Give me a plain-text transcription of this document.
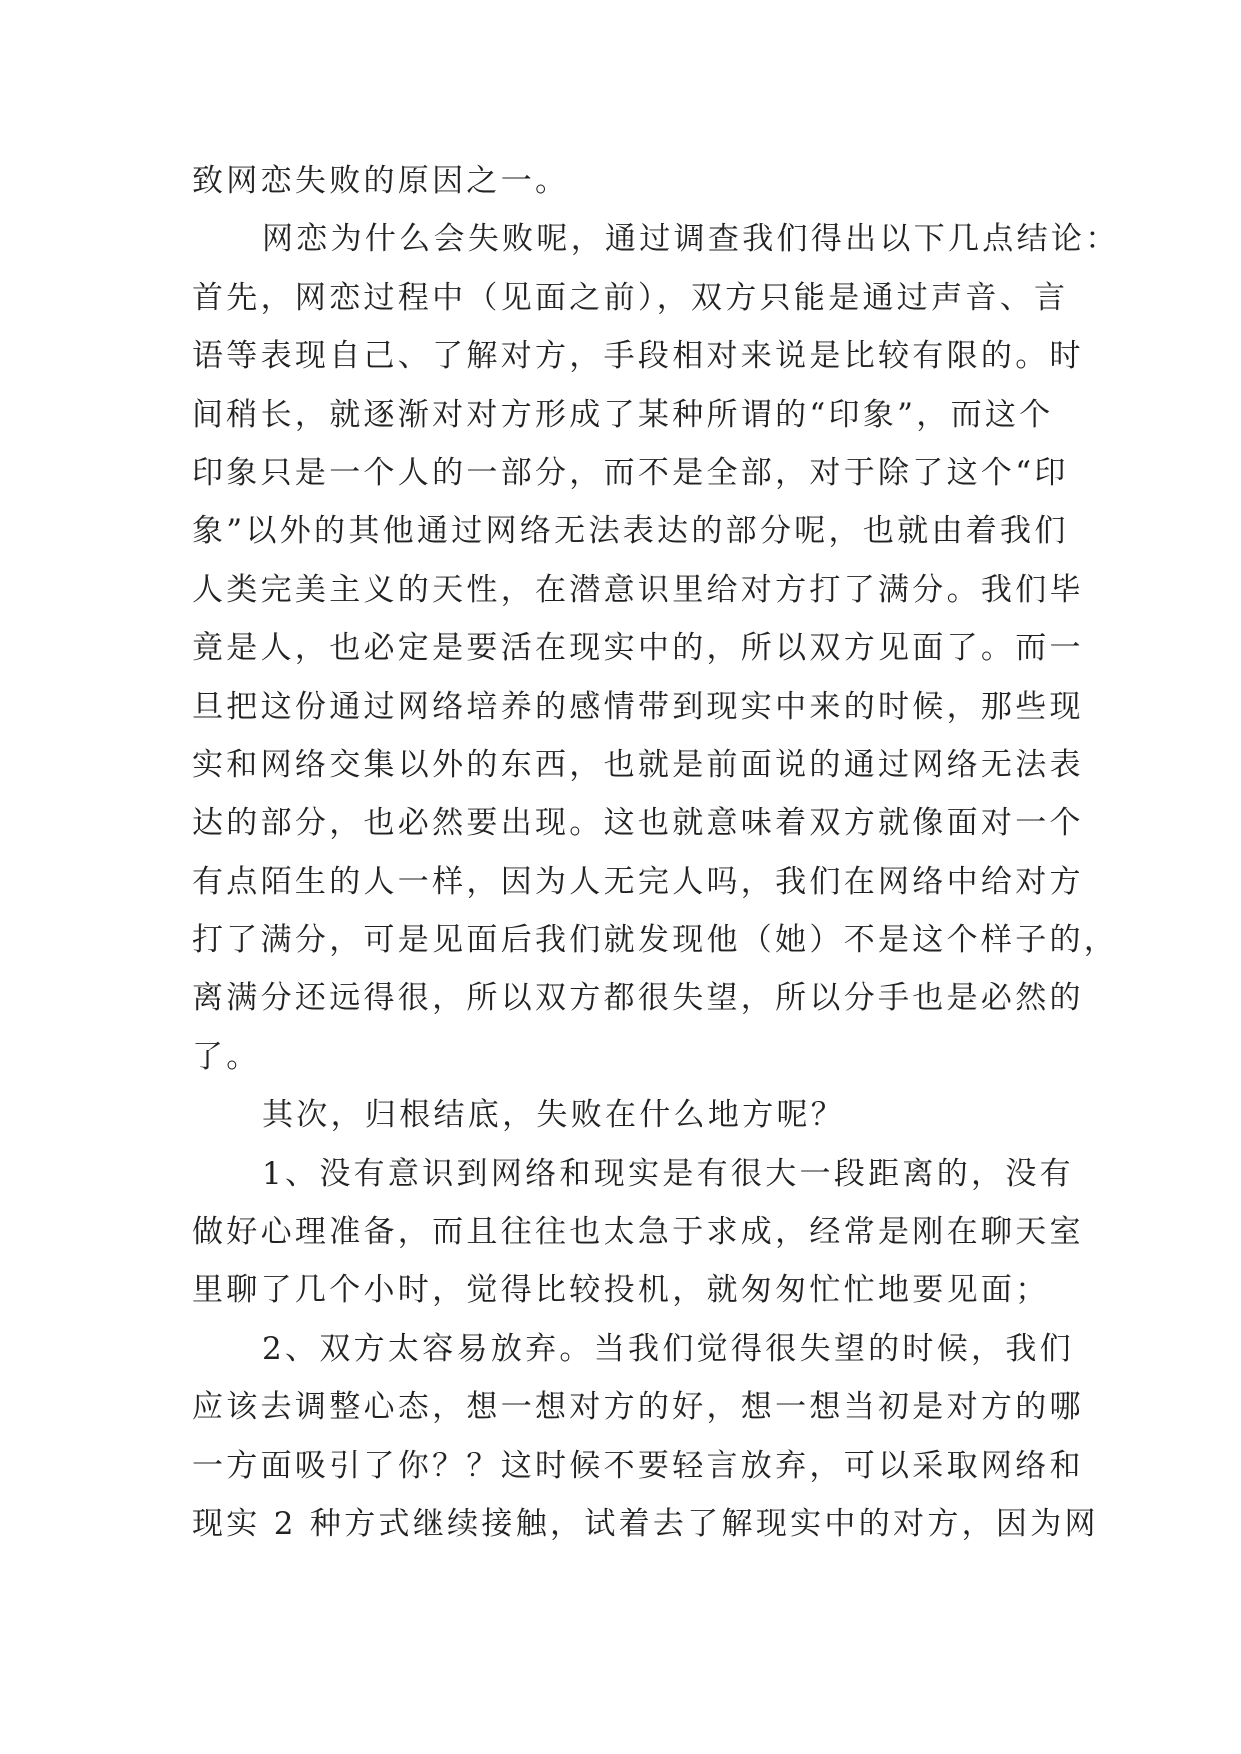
致网恋失败的原因之一。
网恋为什么会失败呢，通过调查我们得出以下几点结论：
首先，网恋过程中（见面之前），双方只能是通过声音、言
语等表现自己、了解对方，手段相对来说是比较有限的。时
间稍长，就逐渐对对方形成了某种所谓的“印象”，而这个
印象只是一个人的一部分，而不是全部，对于除了这个“印
象”以外的其他通过网络无法表达的部分呢，也就由着我们
人类完美主义的天性，在潜意识里给对方打了满分。我们毕
竟是人，也必定是要活在现实中的，所以双方见面了。而一
旦把这份通过网络培养的感情带到现实中来的时候，那些现
实和网络交集以外的东西，也就是前面说的通过网络无法表
达的部分，也必然要出现。这也就意味着双方就像面对一个
有点陌生的人一样，因为人无完人吗，我们在网络中给对方
打了满分，可是见面后我们就发现他（她）不是这个样子的，
离满分还远得很，所以双方都很失望，所以分手也是必然的
了。
其次，归根结底，失败在什么地方呢？
1、没有意识到网络和现实是有很大一段距离的，没有
做好心理准备，而且往往也太急于求成，经常是刚在聊天室
里聊了几个小时，觉得比较投机，就匆匆忙忙地要见面；
2、双方太容易放弃。当我们觉得很失望的时候，我们
应该去调整心态，想一想对方的好，想一想当初是对方的哪
一方面吸引了你？？这时候不要轻言放弃，可以采取网络和
现实 2 种方式继续接触，试着去了解现实中的对方，因为网
